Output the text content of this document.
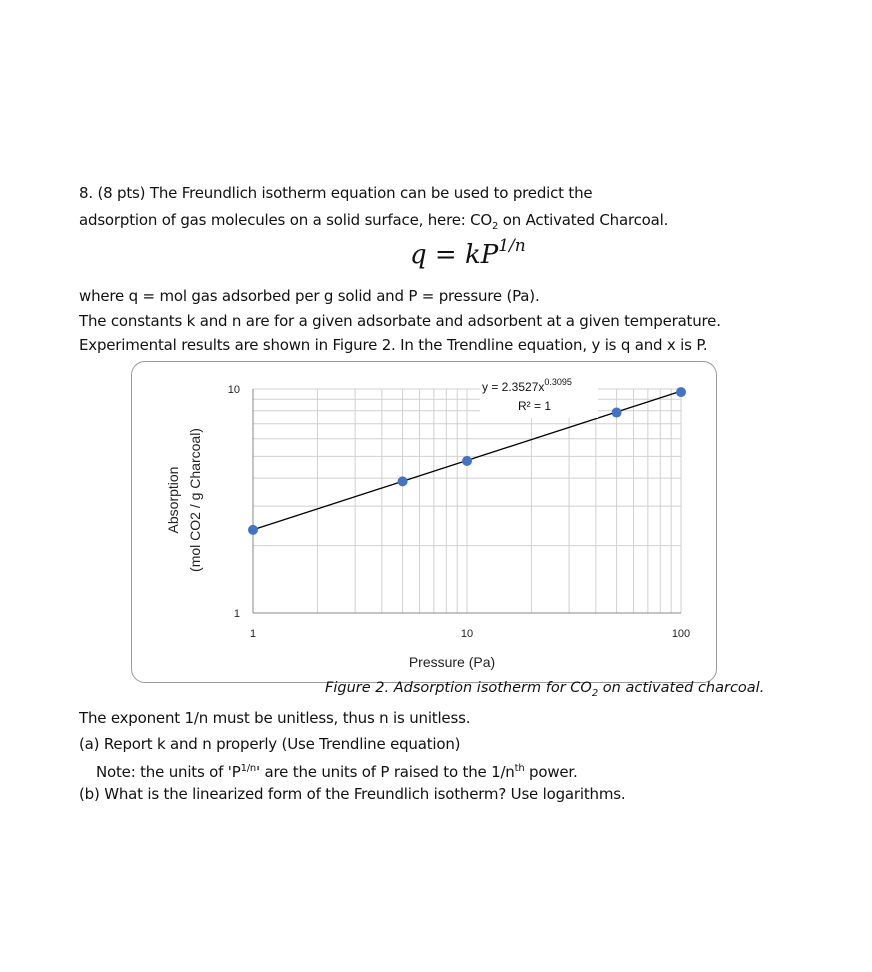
8. (8 pts) The Freundlich isotherm equation can be used to predict the
adsorption of gas molecules on a solid surface, here: $CO_2$ on Activated Charcoal.
$q = kP^{1/n}$
where q = mol gas adsorbed per g solid and P = pressure (Pa).
The constants k and n are for a given adsorbate and adsorbent at a given temperature.
Experimental results are shown in Figure 2. In the Trendline equation, y is q and x is P.
1	10	100
1
10	$y = 2.3527x^{0.3095}$
R² = 1
Pressure (Pa)
Absorption (mol CO2 / g Charcoal)
Figure 2. Adsorption isotherm for $CO_2$ on activated charcoal.
The exponent 1/n must be unitless, thus n is unitless.
(a) Report k and n properly (Use Trendline equation)
Note: the units of '$P^{1/n}$' are the units of P raised to the $1/n^{th}$ power.
(b) What is the linearized form of the Freundlich isotherm? Use logarithms.
